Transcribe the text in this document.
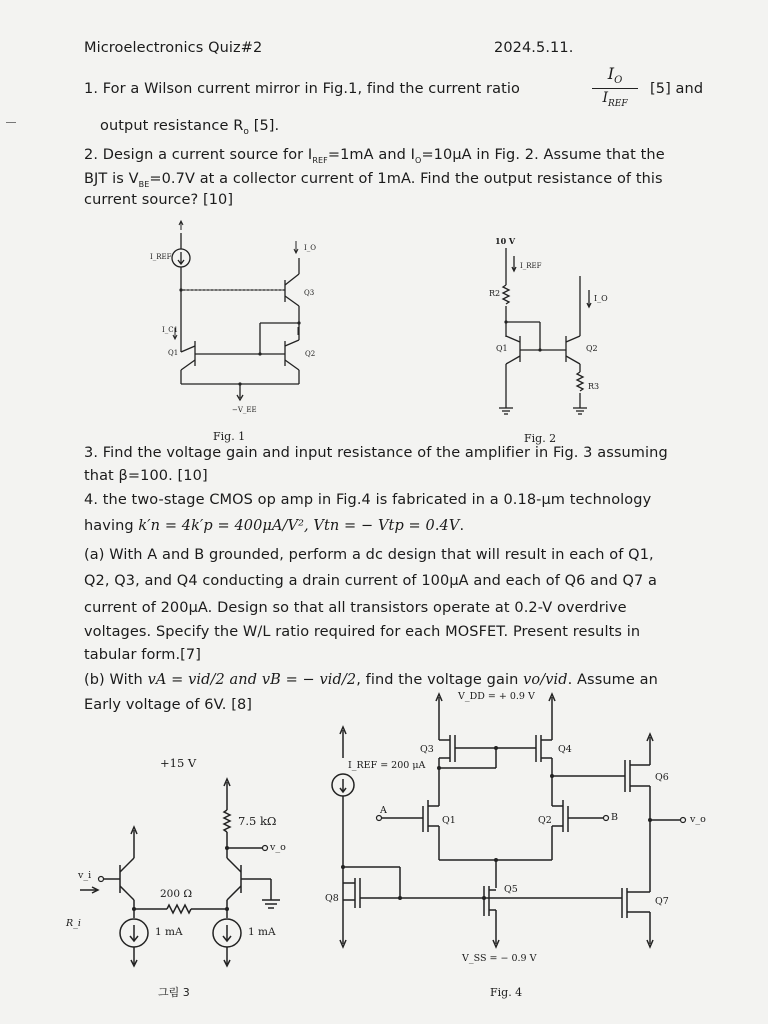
Microelectronics Quiz#2	2024.5.11.
1. For a Wilson current mirror in Fig.1, find the current ratio
$I_O$
$I_{REF}$
[5] and
output resistance $R_o$ [5].
2. Design a current source for $I_{REF}=1mA$ and $I_O=10\mu A$ in Fig. 2. Assume that the
BJT is $V_{BE}=0.7V$ at a collector current of 1mA. Find the output resistance of this
current source? [10]
3. Find the voltage gain and input resistance of the amplifier in Fig. 3 assuming
that β=100. [10]
4. the two-stage CMOS op amp in Fig.4 is fabricated in a 0.18-μm technology
having k′n = 4k′p = 400μA/V², Vtn = − Vtp = 0.4V.
(a) With A and B grounded, perform a dc design that will result in each of Q1,
Q2, Q3, and Q4 conducting a drain current of 100μA and each of Q6 and Q7 a
current of 200μA. Design so that all transistors operate at 0.2-V overdrive
voltages. Specify the W/L ratio required for each MOSFET. Present results in
tabular form.[7]
(b) With vA = vid/2 and vB = − vid/2, find the voltage gain vo/vid. Assume an
Early voltage of 6V. [8]
I_REF
I_O
Q3
I_C1
Q1	Q2
−V_EE
Fig. 1
10 V
I_REF
R2
I_O
Q1	Q2
R3
Fig. 2
+15 V
7.5 kΩ
v_o
v_i
R_i
200 Ω
1 mA	1 mA
그림 3
V_DD = + 0.9 V
I_REF = 200 μA
Q3	Q4
A
Q1	Q2	B	v_o
Q5
Q6
Q7
Q8
V_SS = − 0.9 V
Fig. 4
